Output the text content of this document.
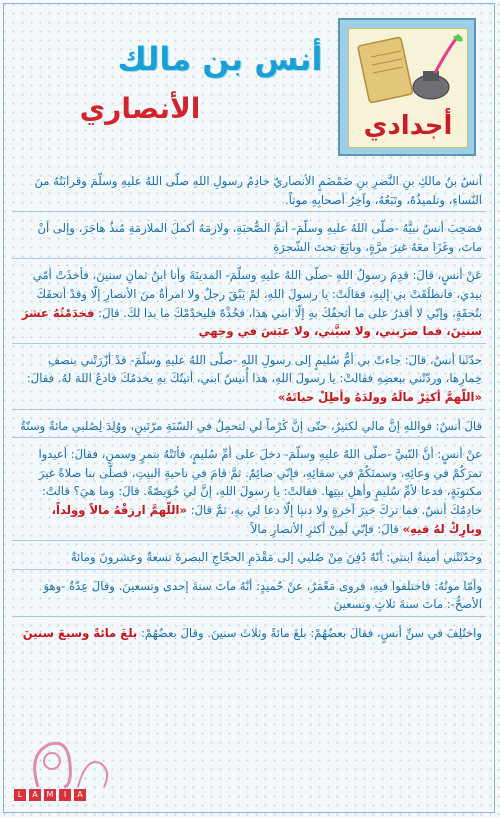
أجدادي
أنس بن مالك
الأنصاري
أنسُ بنُ مالكِ بنِ النَّضرِ بنِ ضَمْضَمٍ الأنصاريّ خادِمُ رسولِ اللهِ صلّى اللهُ عليهِ وسلّمَ وقرابَتُهُ منَ النّساءِ، وتلميذُهُ، وتَبَعُهُ، وآخِرُ أصحابِهِ موتاً.
فصَحِبَ أنسٌ نبيَّهُ -صلّى اللهُ عليهِ وسلّمَ- أتمَّ الصُّحبَةِ، ولازمَهُ أكملَ الملازمَةِ مُنذُ هاجَرَ، وإلى أنْ ماتَ، وغَزَا معَهُ غيرَ مرَّةٍ، وبايَعَ تحتَ الشّجرَةِ
عَنْ أنسٍ، قالَ: قدِمَ رسولُ اللهِ -صلّى اللهُ عليهِ وسلّمَ- المدينَةَ وأنا ابنُ ثمانِ سنينَ، فأخذَتْ أمّي بيدي، فانطلَقَتْ بي إليهِ، فقالَتْ: يا رسولَ اللهِ، لمْ يَبْقَ رجلٌ ولا امرأةٌ منَ الأنصارِ إلّا وقدْ أتحفَكَ بتُحفَةٍ، وإنّي لا أقدرُ على ما أتحفُكَ بهِ إلّا ابني هذا، فخُذْهُ فليخدُمْكَ ما بدا لكَ. قالَ: فخدَمْتُهُ عشرَ سنينَ، فما ضرَبني، ولا سبَّني، ولا عبَسَ في وجهي
حدّثَنا أنسٌ، قالَ: جاءتْ بي أمُّ سُليمٍ إلى رسولِ اللهِ -صلّى اللهُ عليهِ وسلّمَ- قدْ أزّرَتْني بنصفِ خِمارِها، وردّتْني ببعضِهِ فقالتْ: يا رسولَ اللهِ، هذا أُنيسٌ ابني، أتيتُكَ بهِ يخدمُكَ فادعُ اللهَ لهُ. فقالَ: «اللّهمَّ أكثِرْ مالَهُ وولدَهُ وأطِلْ حياتَهُ»
قالَ أنسٌ: فواللهِ إنَّ مالي لكثيرٌ، حتّى إنَّ كَرْماً لي لتحمِلُ في السّنَةِ مرّتَينِ، ووُلِدَ لِصُلبي مائةٌ وستّةٌ
عنْ أنسٍ: أنَّ النّبيَّ -صلّى اللهُ عليهِ وسلّمَ- دخلَ على أمِّ سُليمٍ، فأتَتْهُ بتمرٍ وسمنٍ، فقالَ: أعيدوا تمرَكُمْ في وعائِهِ، وسمنَكُمْ في سقائِهِ، فإنّي صائِمٌ. ثمَّ قامَ في ناحيةِ البيتِ، فصلّى بنا صلاةً غيرَ مكتوبَةٍ، فدعا لأمِّ سُليمٍ وأهلِ بيتِها. فقالتْ: يا رسولَ اللهِ، إنَّ لي خُوَيصّةً. قالَ: وما هيَ؟ قالتْ: خادِمُكَ أنسٌ. فما تركَ خيرَ آخرةٍ ولا دنيا إلّا دعا لي بهِ، ثمَّ قالَ: «اللّهمَّ ارزقْهُ مالاً وولداً، وبارِكْ لهُ فيهِ» قالَ: فإنّي لَمِنْ أكثرِ الأنصارِ مالاً
وحدّثَتْني أمينةُ ابنتي: أنّهُ دُفِنَ مِنْ صُلبي إلى مَقْدَمِ الحجّاجِ البصرةَ تسعةٌ وعشرونَ ومائةٌ
وأمّا موتُهُ: فاختلفوا فيهِ، فروى مَعْمَرٌ، عنْ حُميدٍ: أنّهُ ماتَ سنةَ إحدى وتسعينَ. وقالَ عِدّةٌ -وهوَ الأصحُّ-: ماتَ سنةَ ثلاثٍ وتسعينَ
واختُلِفَ في سنِّ أنسٍ، فقالَ بعضُهُمْ: بلغَ مائةً وثلاثَ سنينَ. وقالَ بعضُهُمْ: بلغَ مائةً وسبعَ سنينَ
L	A	M	I	A
